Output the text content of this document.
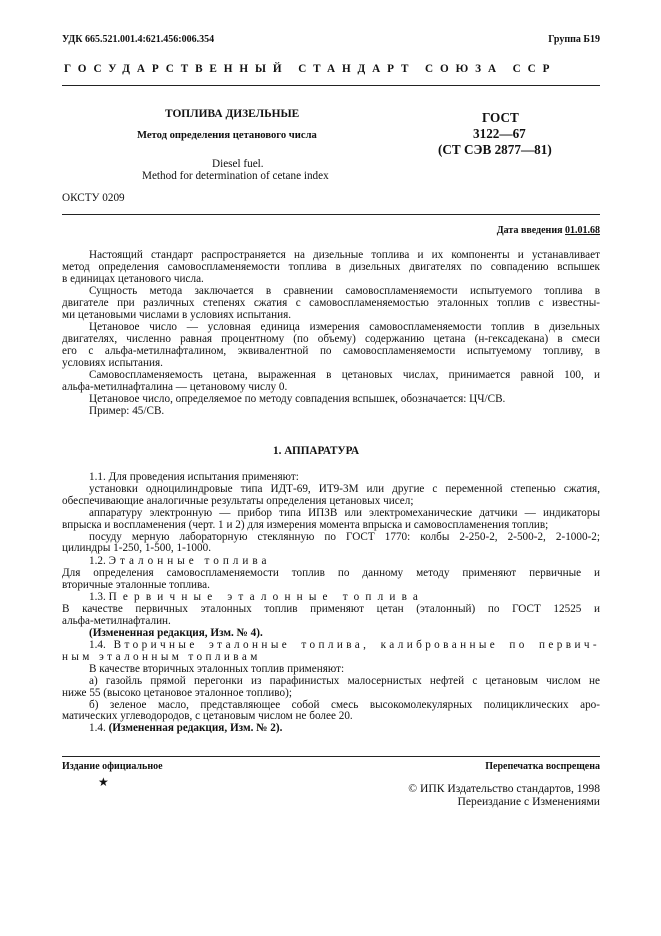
УДК 665.521.001.4:621.456:006.354	Группа Б19
ГОСУДАРСТВЕННЫЙ СТАНДАРТ СОЮЗА ССР
ТОПЛИВА ДИЗЕЛЬНЫЕ
Метод определения цетанового числа
Diesel fuel.
Method for determination of cetane index
ГОСТ
3122—67
(СТ СЭВ 2877—81)
ОКСТУ 0209
Дата введения 01.01.68
Настоящий стандарт распространяется на дизельные топлива и их компоненты и устанавливает
метод определения самовоспламеняемости топлива в дизельных двигателях по совпадению вспышек
в единицах цетанового числа.
Сущность метода заключается в сравнении самовоспламеняемости испытуемого топлива в
двигателе при различных степенях сжатия с самовоспламеняемостью эталонных топлив с известны-
ми цетановыми числами в условиях испытания.
Цетановое число — условная единица измерения самовоспламеняемости топлив в дизельных
двигателях, численно равная процентному (по объему) содержанию цетана (н-гексадекана) в смеси
его с альфа-метилнафталином, эквивалентной по самовоспламеняемости испытуемому топливу, в
условиях испытания.
Самовоспламеняемость цетана, выраженная в цетановых числах, принимается равной 100, и
альфа-метилнафталина — цетановому числу 0.
Цетановое число, определяемое по методу совпадения вспышек, обозначается: ЦЧ/СВ.
Пример: 45/СВ.
1. АППАРАТУРА
1.1. Для проведения испытания применяют:
установки одноцилиндровые типа ИДТ-69, ИТ9-3М или другие с переменной степенью сжатия,
обеспечивающие аналогичные результаты определения цетановых чисел;
аппаратуру электронную — прибор типа ИПЗВ или электромеханические датчики — индикаторы
впрыска и воспламенения (черт. 1 и 2) для измерения момента впрыска и самовоспламенения топлив;
посуду мерную лабораторную стеклянную по ГОСТ 1770: колбы 2-250-2, 2-500-2, 2-1000-2;
цилиндры 1-250, 1-500, 1-1000.
1.2. Эталонные топлива
Для определения самовоспламеняемости топлив по данному методу применяют первичные и
вторичные эталонные топлива.
1.3. Первичные эталонные топлива
В качестве первичных эталонных топлив применяют цетан (эталонный) по ГОСТ 12525 и
альфа-метилнафталин.
(Измененная редакция, Изм. № 4).
1.4. Вторичные эталонные топлива, калиброванные по первич-
ным эталонным топливам
В качестве вторичных эталонных топлив применяют:
а) газойль прямой перегонки из парафинистых малосернистых нефтей с цетановым числом не
ниже 55 (высоко цетановое эталонное топливо);
б) зеленое масло, представляющее собой смесь высокомолекулярных полициклических аро-
матических углеводородов, с цетановым числом не более 20.
1.4. (Измененная редакция, Изм. № 2).
Издание официальное	Перепечатка воспрещена
★	© ИПК Издательство стандартов, 1998
Переиздание с Изменениями
